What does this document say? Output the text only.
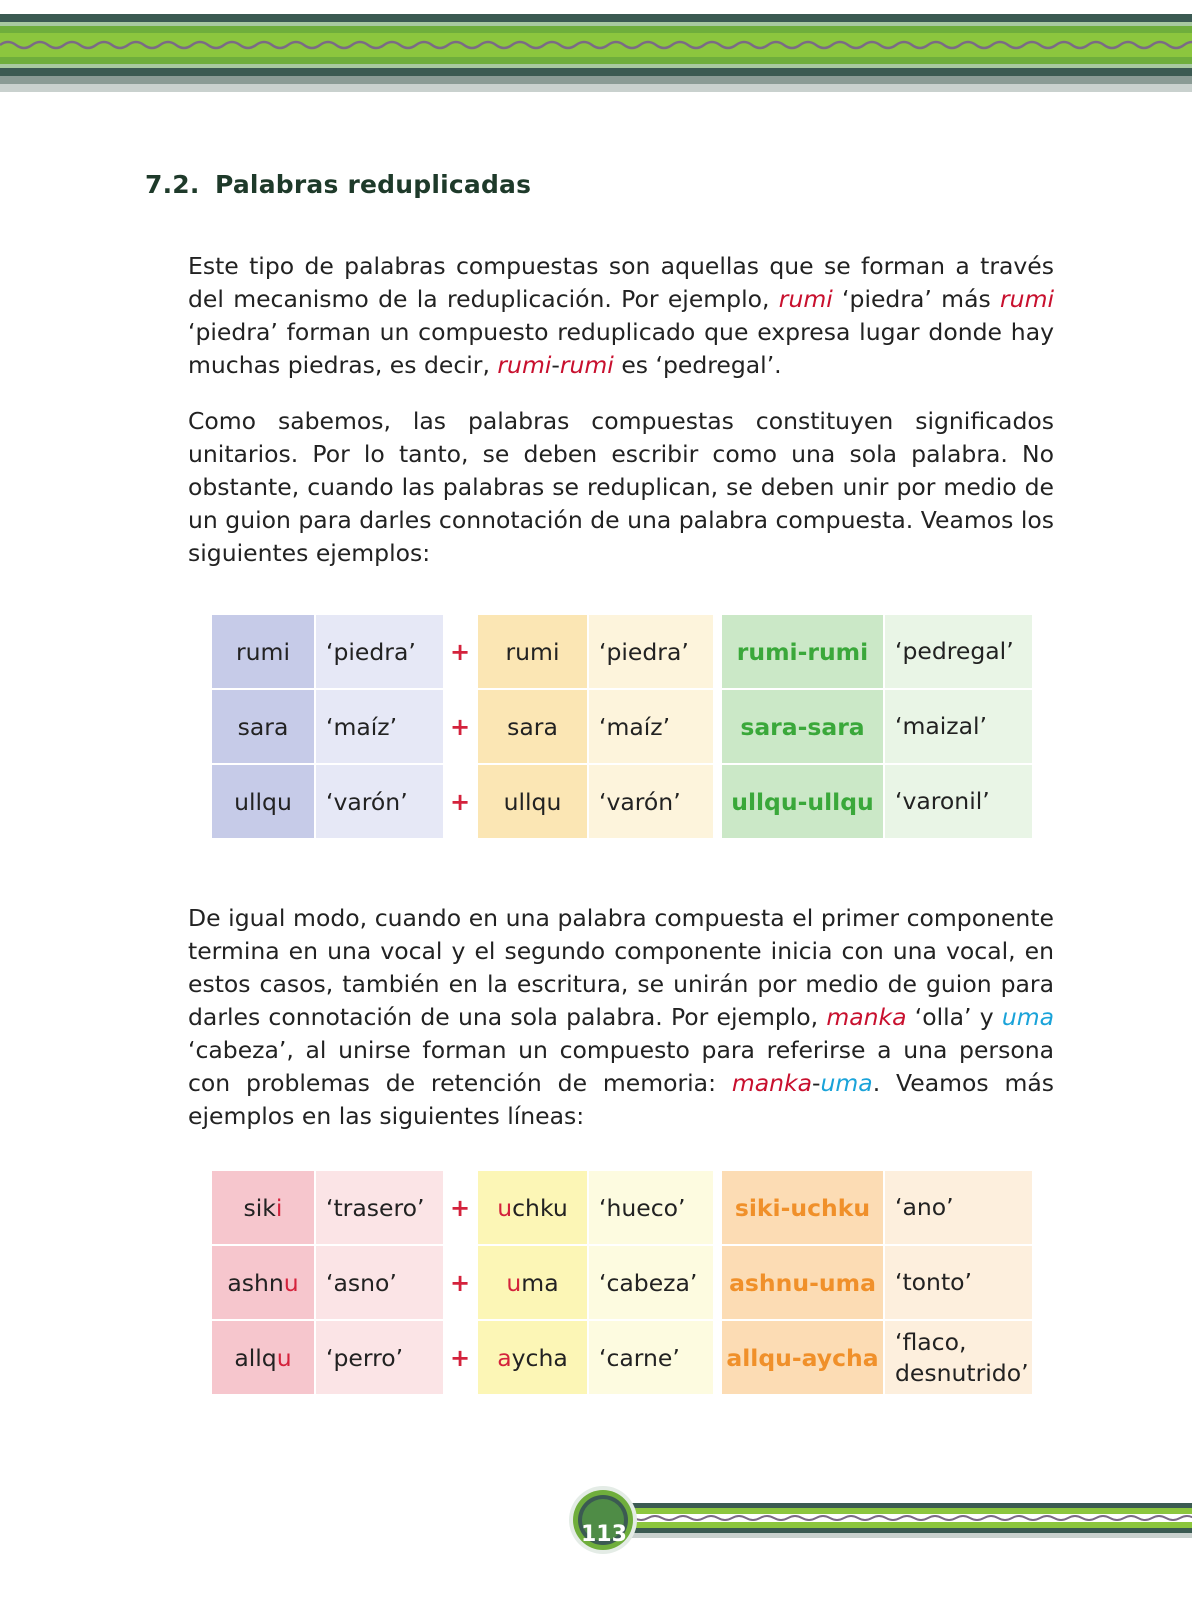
7.2. Palabras reduplicadas
Este tipo de palabras compuestas son aquellas que se forman a través del mecanismo de la reduplicación. Por ejemplo, rumi ‘piedra’ más rumi ‘piedra’ forman un compuesto reduplicado que expresa lugar donde hay muchas piedras, es decir, rumi-rumi es ‘pedregal’.
Como sabemos, las palabras compuestas constituyen significados unitarios. Por lo tanto, se deben escribir como una sola palabra. No obstante, cuando las palabras se reduplican, se deben unir por medio de un guion para darles connotación de una palabra compuesta. Veamos los siguientes ejemplos:
rumi	‘piedra’	+	rumi	‘piedra’	rumi-rumi	‘pedregal’
sara	‘maíz’	+	sara	‘maíz’	sara-sara	‘maizal’
ullqu	‘varón’	+	ullqu	‘varón’	ullqu-ullqu ‘varonil’
De igual modo, cuando en una palabra compuesta el primer componente termina en una vocal y el segundo componente inicia con una vocal, en estos casos, también en la escritura, se unirán por medio de guion para darles connotación de una sola palabra. Por ejemplo, manka ‘olla’ y uma ‘cabeza’, al unirse forman un compuesto para referirse a una persona con problemas de retención de memoria: manka-uma. Veamos más ejemplos en las siguientes líneas:
sik i	‘trasero’	+ u chku	‘hueco’	siki-uchku	‘ano’
ashn u	‘asno’	+ u ma	‘cabeza’	ashnu-uma ‘tonto’
allq u	‘perro’	+ a ycha	‘carne’	allqu-aycha
‘flaco, desnutrido’
113
